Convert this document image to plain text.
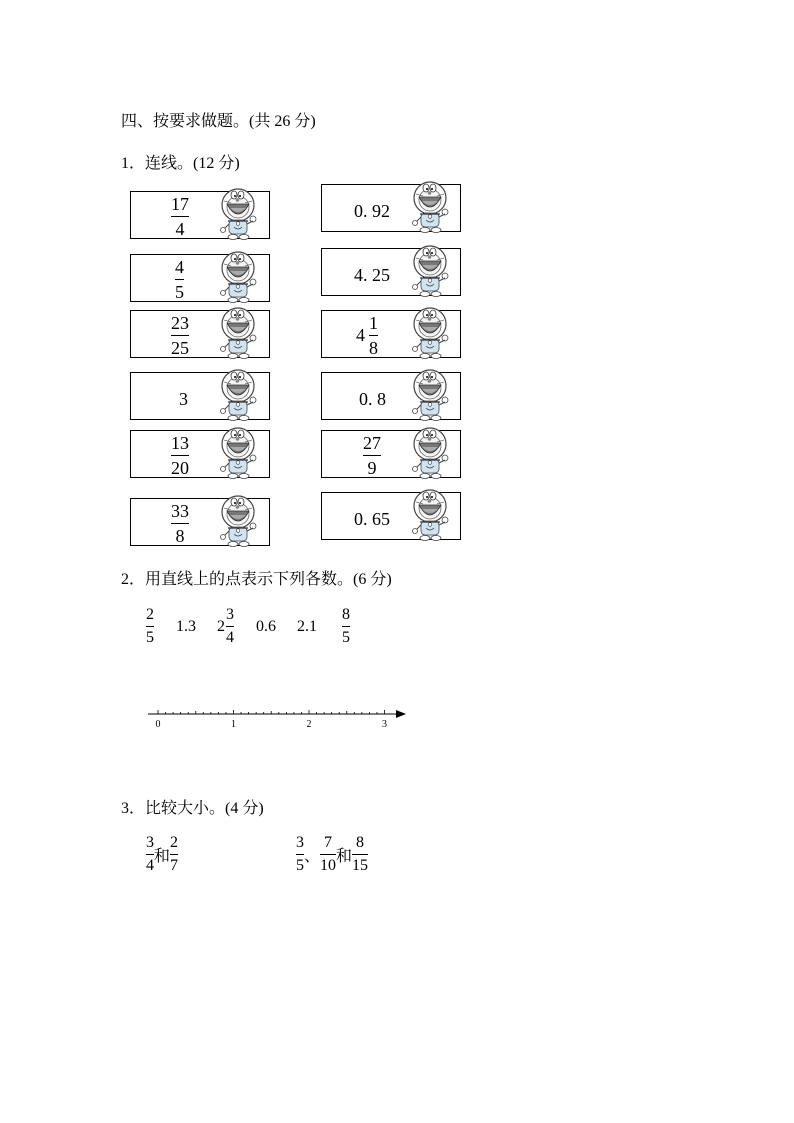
四、按要求做题。(共 26 分)
1．连线。(12 分)
17
4
4
5
23
25
3
13
20
33
8
0. 92
4. 25
$4 \frac{1}{8}$
0. 8
27
9
0. 65
2．用直线上的点表示下列各数。(6 分)
2
5
1.3 $2 \frac{3}{4} 0.6$ 2.1
8
5
0	1	2	3
3．比较大小。(4 分)
$\frac{3}{4}$ 和 $\frac{2}{7}$	$\frac{3}{5}$ 、 $\frac{7}{10}$ 和 $\frac{8}{15}$
